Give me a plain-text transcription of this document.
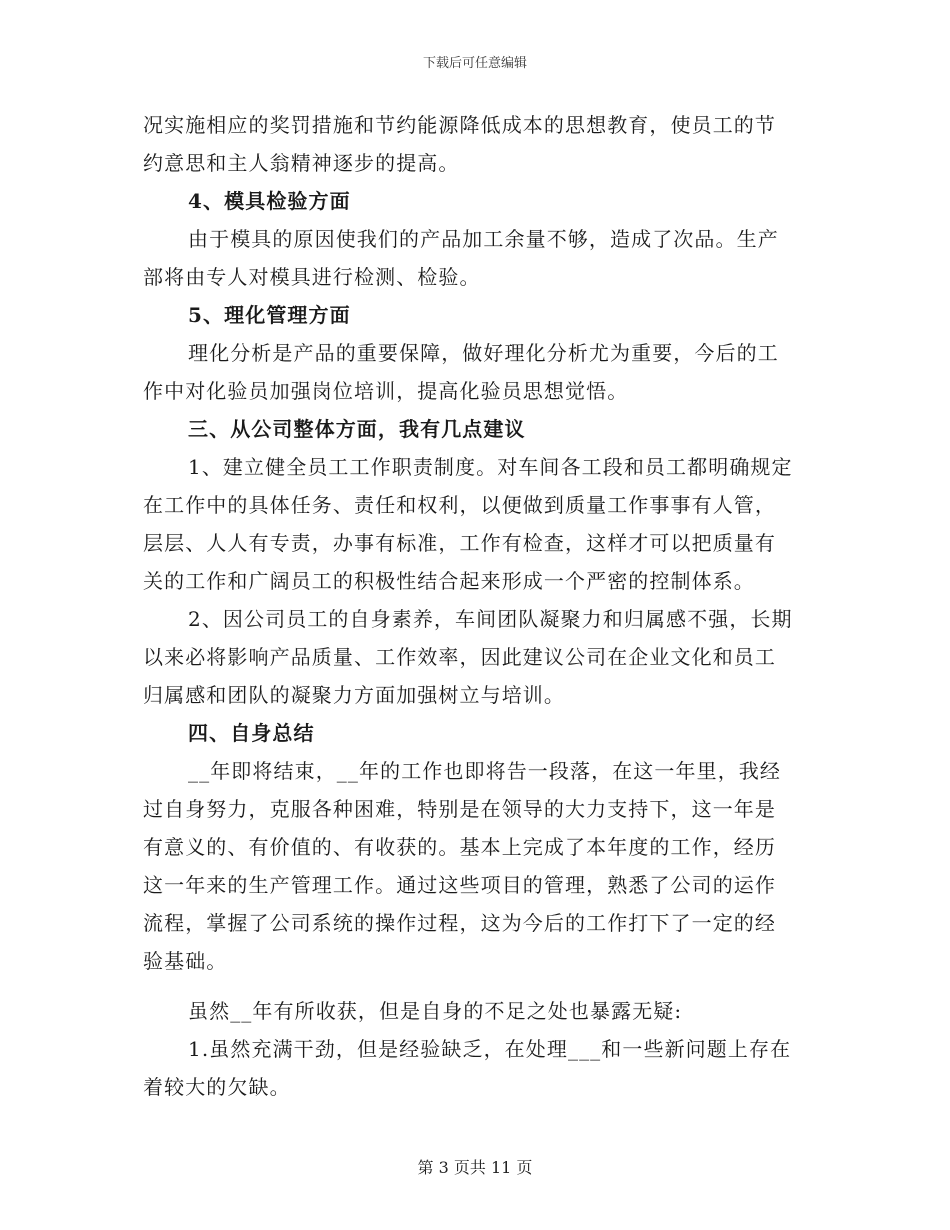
下载后可任意编辑
况实施相应的奖罚措施和节约能源降低成本的思想教育，使员工的节
约意思和主人翁精神逐步的提高。
4、模具检验方面
由于模具的原因使我们的产品加工余量不够，造成了次品。生产
部将由专人对模具进行检测、检验。
5、理化管理方面
理化分析是产品的重要保障，做好理化分析尤为重要，今后的工
作中对化验员加强岗位培训，提高化验员思想觉悟。
三、从公司整体方面，我有几点建议
1、建立健全员工工作职责制度。对车间各工段和员工都明确规定
在工作中的具体任务、责任和权利，以便做到质量工作事事有人管，
层层、人人有专责，办事有标准，工作有检查，这样才可以把质量有
关的工作和广阔员工的积极性结合起来形成一个严密的控制体系。
2、因公司员工的自身素养，车间团队凝聚力和归属感不强，长期
以来必将影响产品质量、工作效率，因此建议公司在企业文化和员工
归属感和团队的凝聚力方面加强树立与培训。
四、自身总结
__年即将结束，__年的工作也即将告一段落，在这一年里，我经
过自身努力，克服各种困难，特别是在领导的大力支持下，这一年是
有意义的、有价值的、有收获的。基本上完成了本年度的工作，经历
这一年来的生产管理工作。通过这些项目的管理，熟悉了公司的运作
流程，掌握了公司系统的操作过程，这为今后的工作打下了一定的经
验基础。
虽然__年有所收获，但是自身的不足之处也暴露无疑:
1.虽然充满干劲，但是经验缺乏，在处理___和一些新问题上存在
着较大的欠缺。
第 3 页共 11 页
